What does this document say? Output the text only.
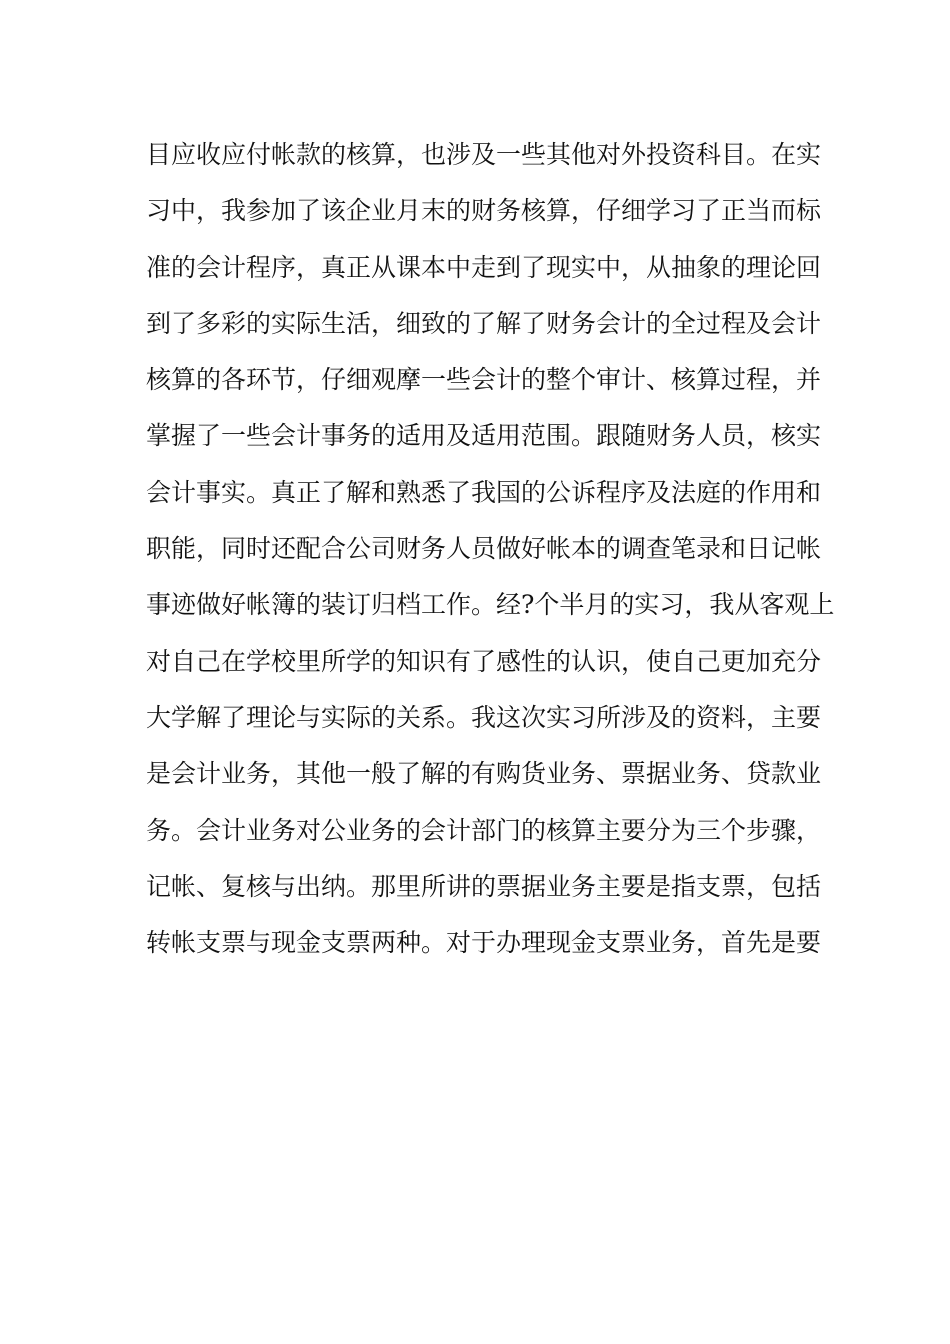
目应收应付帐款的核算，也涉及一些其他对外投资科目。在实
习中，我参加了该企业月末的财务核算，仔细学习了正当而标
准的会计程序，真正从课本中走到了现实中，从抽象的理论回
到了多彩的实际生活，细致的了解了财务会计的全过程及会计
核算的各环节，仔细观摩一些会计的整个审计、核算过程，并
掌握了一些会计事务的适用及适用范围。跟随财务人员，核实
会计事实。真正了解和熟悉了我国的公诉程序及法庭的作用和
职能，同时还配合公司财务人员做好帐本的调查笔录和日记帐
事迹做好帐簿的装订归档工作。经?个半月的实习，我从客观上
对自己在学校里所学的知识有了感性的认识，使自己更加充分
大学解了理论与实际的关系。我这次实习所涉及的资料，主要
是会计业务，其他一般了解的有购货业务、票据业务、贷款业
务。会计业务对公业务的会计部门的核算主要分为三个步骤，
记帐、复核与出纳。那里所讲的票据业务主要是指支票，包括
转帐支票与现金支票两种。对于办理现金支票业务，首先是要
